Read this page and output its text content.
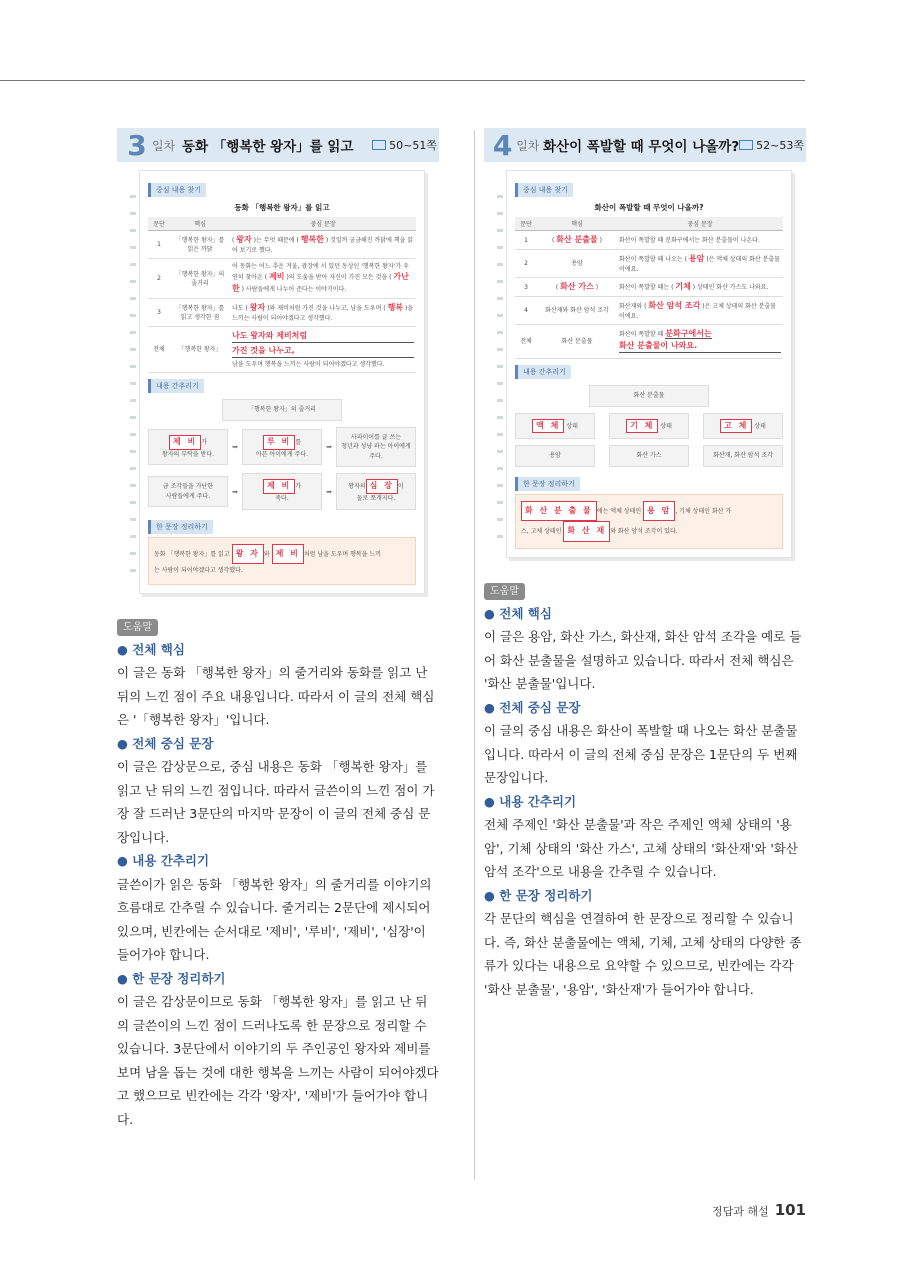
3 일차 동화 「행복한 왕자」를 읽고	50~51쪽
중심 내용 찾기
동화 「행복한 왕자」를 읽고
문단	핵심	중심 문장
1	「행복한 왕자」를 읽은 까닭	( 왕자 )는 무엇 때문에 ( 행복한 ) 것일까 궁금해진 까닭에 책을 읽어 보기로 했다.
2	「행복한 왕자」의 줄거리	어 동화는 어느 추운 겨울, 광장에 서 있던 동상인 '행복한 왕자'가 우연히 찾아온 ( 제비 )의 도움을 받아 자신이 가진 모든 것을 ( 가난한 ) 사람들에게 나누어 준다는 이야기이다.
3	「행복한 왕자」를 읽고 생각한 점	나도 ( 왕자 )와 제비처럼 가진 것을 나누고, 남을 도우며 ( 행복 )을 느끼는 사람이 되어야겠다고 생각했다.
전체	「행복한 왕자」	나도 왕자와 제비처럼
가진 것을 나누고,
남을 도우며 행복을 느끼는 사람이 되어야겠다고 생각했다.
내용 간추리기
「행복한 왕자」의 줄거리
제 비 가
왕자의 부탁을 받다.
➡
루 비 를
아픈 아이에게 주다.
➡
사파이어를 글 쓰는
청년과 성냥 파는 아이에게 주다.
금 조각들을 가난한
사람들에게 주다.
➡
제 비 가
죽다.
➡
왕자의 심 장 이
둘로 쪼개지다.
한 문장 정리하기
동화 「행복한 왕자」를 읽고 왕 자 와 제 비 처럼 남을 도우며 행복을 느끼
는 사람이 되어야겠다고 생각했다.
도움말
● 전체 핵심

이 글은 동화 「행복한 왕자」의 줄거리와 동화를 읽고 난 뒤의 느낀 점이 주요 내용입니다. 따라서 이 글의 전체 핵심은 '「행복한 왕자」'입니다.

● 전체 중심 문장

이 글은 감상문으로, 중심 내용은 동화 「행복한 왕자」를 읽고 난 뒤의 느낀 점입니다. 따라서 글쓴이의 느낀 점이 가장 잘 드러난 3문단의 마지막 문장이 이 글의 전체 중심 문장입니다.

● 내용 간추리기

글쓴이가 읽은 동화 「행복한 왕자」의 줄거리를 이야기의 흐름대로 간추릴 수 있습니다. 줄거리는 2문단에 제시되어 있으며, 빈칸에는 순서대로 '제비', '루비', '제비', '심장'이 들어가야 합니다.

● 한 문장 정리하기

이 글은 감상문이므로 동화 「행복한 왕자」를 읽고 난 뒤의 글쓴이의 느낀 점이 드러나도록 한 문장으로 정리할 수 있습니다. 3문단에서 이야기의 두 주인공인 왕자와 제비를 보며 남을 돕는 것에 대한 행복을 느끼는 사람이 되어야겠다고 했으므로 빈칸에는 각각 '왕자', '제비'가 들어가야 합니다.

4 일차 화산이 폭발할 때 무엇이 나올까?	52~53쪽
중심 내용 찾기
화산이 폭발할 때 무엇이 나올까?
문단	핵심	중심 문장
1	( 화산 분출물 )	화산이 폭발할 때 분화구에서는 화산 분출물이 나온다.
2	용암	화산이 폭발할 때 나오는 ( 용암 )은 액체 상태의 화산 분출물이에요.
3	( 화산 가스 )	화산이 폭발할 때는 ( 기체 ) 상태인 화산 가스도 나와요.
4	화산재와 화산 암석 조각	화산재와 ( 화산 암석 조각 )은 고체 상태의 화산 분출물이에요.
전체	화산 분출물	화산이 폭발할 때 분화구에서는
화산 분출물이 나와요.
내용 간추리기
화산 분출물
액 체 상태	기 체 상태	고 체 상태
용암	화산 가스	화산재, 화산 암석 조각
한 문장 정리하기
화 산 분 출 물 에는 액체 상태인 용 암 , 기체 상태인 화산 가
스, 고체 상태인 화 산 재 와 화산 암석 조각이 있다.
도움말
● 전체 핵심

이 글은 용암, 화산 가스, 화산재, 화산 암석 조각을 예로 들어 화산 분출물을 설명하고 있습니다. 따라서 전체 핵심은 '화산 분출물'입니다.

● 전체 중심 문장

이 글의 중심 내용은 화산이 폭발할 때 나오는 화산 분출물입니다. 따라서 이 글의 전체 중심 문장은 1문단의 두 번째 문장입니다.

● 내용 간추리기

전체 주제인 '화산 분출물'과 작은 주제인 액체 상태의 '용암', 기체 상태의 '화산 가스', 고체 상태의 '화산재'와 '화산 암석 조각'으로 내용을 간추릴 수 있습니다.

● 한 문장 정리하기

각 문단의 핵심을 연결하여 한 문장으로 정리할 수 있습니다. 즉, 화산 분출물에는 액체, 기체, 고체 상태의 다양한 종류가 있다는 내용으로 요약할 수 있으므로, 빈칸에는 각각 '화산 분출물', '용암', '화산재'가 들어가야 합니다.

정답과 해설 101
